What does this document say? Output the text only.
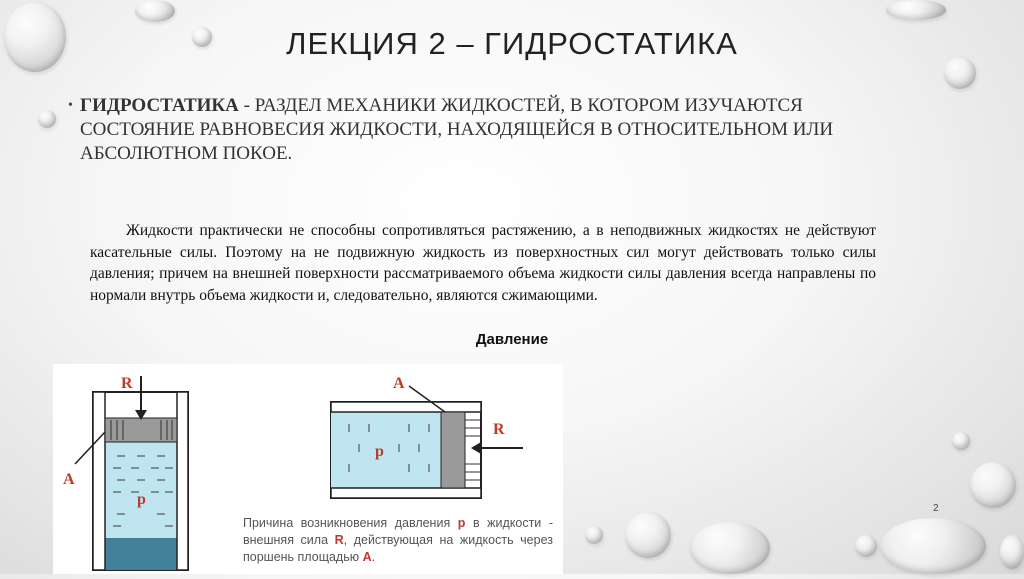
ЛЕКЦИЯ 2 – ГИДРОСТАТИКА
• ГИДРОСТАТИКА - РАЗДЕЛ МЕХАНИКИ ЖИДКОСТЕЙ, В КОТОРОМ ИЗУЧАЮТСЯ СОСТОЯНИЕ РАВНОВЕСИЯ ЖИДКОСТИ, НАХОДЯЩЕЙСЯ В ОТНОСИТЕЛЬНОМ ИЛИ АБСОЛЮТНОМ ПОКОЕ.
Жидкости практически не способны сопротивляться растяжению, а в неподвижных жидкостях не действуют касательные силы. Поэтому на не подвижную жидкость из поверхностных сил могут действовать только силы давления; причем на внешней поверхности рассматриваемого объема жидкости силы давления всегда направлены по нормали внутрь объема жидкости и, следовательно, являются сжимающими.
Давление
R
A
p
A
R
p
Причина возникновения давления p в жидкости - внешняя сила R, действующая на жидкость через поршень площадью A.
2
